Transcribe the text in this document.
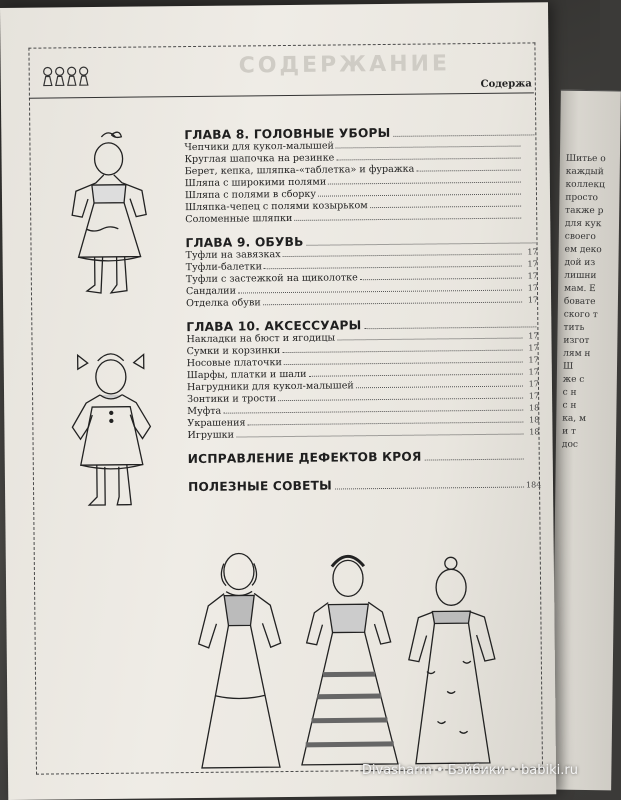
Шитье о
каждый
коллекц
просто
также р
для кук
своего
ем деко
дой из
лишни
мам. Е
бовате
ского т
тить
изгот
лям н
Ш
же с
с н
с н
ка, м
и т
дос
СОДЕРЖАНИЕ
Содержа
ГЛАВА 8. ГОЛОВНЫЕ УБОРЫ
Чепчики для кукол-малышей
Круглая шапочка на резинке
Берет, кепка, шляпка-«таблетка» и фуражка
Шляпа с широкими полями
Шляпа с полями в сборку
Шляпка-чепец с полями козырьком
Соломенные шляпки
ГЛАВА 9. ОБУВЬ
Туфли на завязках	17
Туфли-балетки	17
Туфли с застежкой на щиколотке	17
Сандалии	17
Отделка обуви	17
ГЛАВА 10. АКСЕССУАРЫ
Накладки на бюст и ягодицы	17
Сумки и корзинки	17
Носовые платочки	17
Шарфы, платки и шали	17
Нагрудники для кукол-малышей	17
Зонтики и трости	17
Муфта	18
Украшения	18
Игрушки	18
ИСПРАВЛЕНИЕ ДЕФЕКТОВ КРОЯ
ПОЛЕЗНЫЕ СОВЕТЫ	184
Divasharm • Бэйбики • babiki.ru
